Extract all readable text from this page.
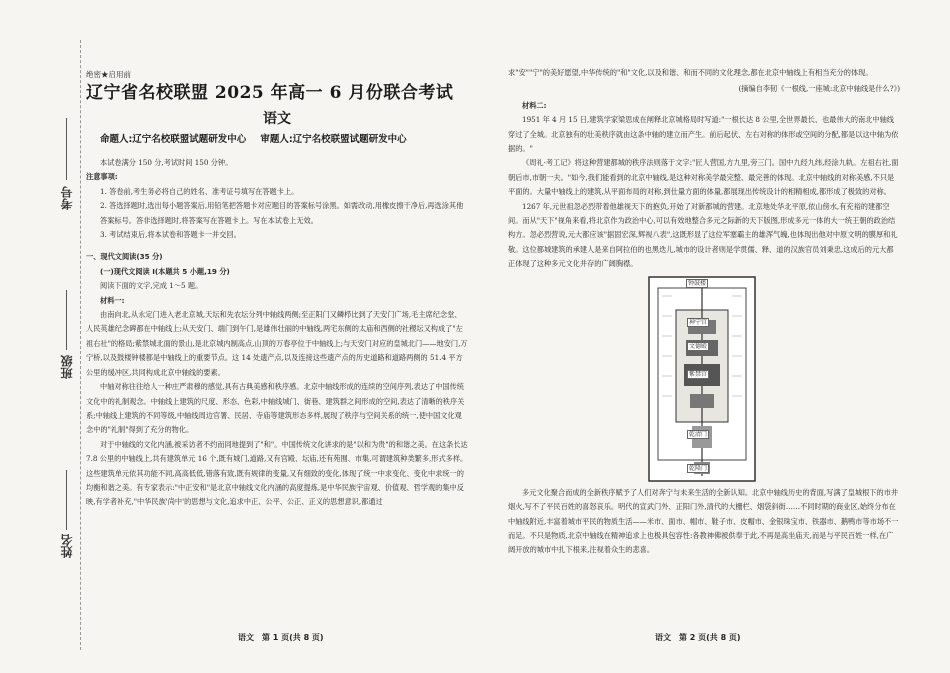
考号
班级
姓名

绝密★启用前

辽宁省名校联盟 2025 年高一 6 月份联合考试

语文

命题人:辽宁名校联盟试题研发中心 审题人:辽宁名校联盟试题研发中心

本试卷满分 150 分,考试时间 150 分钟。

注意事项:

1. 答卷前,考生务必将自己的姓名、准考证号填写在答题卡上。
2. 答选择题时,选出每小题答案后,用铅笔把答题卡对应题目的答案标号涂黑。如需改动,用橡皮擦干净后,再选涂其他答案标号。答非选择题时,将答案写在答题卡上。写在本试卷上无效。
3. 考试结束后,将本试卷和答题卡一并交回。

一、现代文阅读(35 分)

(一)现代文阅读 Ⅰ(本题共 5 小题,19 分)

阅读下面的文字,完成 1～5 题。

材料一:

由南向北,从永定门进入老北京城,天坛和先农坛分列中轴线两侧;至正阳门又鳞栉比到了天安门广场,毛主席纪念堂、人民英雄纪念碑都在中轴线上;从天安门、端门到午门,是雄伟壮丽的中轴线,两宅东侧的太庙和西侧的社稷坛又构成了"左祖右社"的格局;紫禁城北面的景山,是北京城内制高点,山顶的万春亭位于中轴线上;与天安门对应的皇城北门——地安门,万宁桥,以及鼓楼钟楼都是中轴线上的重要节点。这 14 处遗产点,以及连接这些遗产点的历史道路和道路两侧的 51.4 平方公里的缓冲区,共同构成北京中轴线的要素。

中轴对称往往给人一种庄严肃穆的感觉,具有古典美感和秩序感。北京中轴线形成的连续的空间序列,表达了中国传统文化中的礼制观念。中轴线上建筑的尺度、形态、色彩,中轴线城门、街巷、建筑群之间形成的空间,表达了清晰的秩序关系;中轴线上建筑的不同等级,中轴线周边官署、民居、寺庙等建筑形态多样,展现了秩序与空间关系的统一,使中国文化观念中的"礼制"得到了充分的物化。

对于中轴线的文化内涵,被采访者不约而同地提到了"和"。中国传统文化讲求的是"以和为贵"的和谐之美。在这条长达 7.8 公里的中轴线上,共有建筑单元 16 个,既有城门,道路,又有宫殿、坛庙,还有苑囿、市集,可谓建筑种类繁多,形式多样。这些建筑单元依其功能不同,高高低低,错落有致,既有规律的变量,又有细致的变化,体现了统一中求变化、变化中求统一的均衡和谐之美。有专家表示:"中正安和"是北京中轴线文化内涵的高度提炼,是中华民族宇宙观、价值观、哲学观的集中反映,有学者补充,"中华民族'尚中'的思想与文化,追求中正、公平、公正、正义的思想意识,都通过

语文　第 1 页(共 8 页)

求"安""宁"的美好愿望,中华传统的"和"文化,以及和谐、和而不同的文化理念,都在北京中轴线上有相当充分的体现。

(摘编自李韧《一根线,一座城:北京中轴线是什么?》)

材料二:

1951 年 4 月 15 日,建筑学家梁思成在闸释北京城格局时写道:"一根长达 8 公里,全世界最长、也最伟大的南北中轴线穿过了全城。北京独有的壮美秩序就由这条中轴的建立而产生。前后起伏、左右对称的体形或空间的分配,都是以这中轴为依据的。"

《周礼·考工记》将这种营建都城的秩序法则落于文字:"匠人营国,方九里,旁三门。国中九经九纬,经涂九轨。左祖右社,面朝后市,市朝一夫。"如今,我们能看到的北京中轴线,是这种对称美学最完整、最完善的体现。北京中轴线的对称美感,不只是平面的。大量中轴线上的建筑,从平面布局的对称,到仕量方面的体量,都展现出传统设计的相精相成,都形成了极致的对称。

1267 年,元世祖忽必烈带着他雄视天下的抱负,开始了对新都城的营建。北京地处华北平原,依山傍水,有充裕的建都空间。而从"天下"视角来看,将北京作为政治中心,可以有效地整合多元之际新的天下版图,形成多元一体的大一统王朝的政治结构方。忽必烈营说,元大都应该"据固宏深,辉视八表",这既形显了这位军塞霸主的雄浑气魄,也体现出他对中原文明的膜厚和礼敬。这位都城建筑的承建人是来自阿拉伯的也黑迭儿,城市的设计者则是学贯儒、释、道的汉族官员刘秉忠,这成后的元大都正体现了这种多元文化并存的广阔胸襟。

钟鼓楼
神宁宫
文德殿
紫禁宫
乾清门
乾隆门

多元文化聚合而成的全新秩序赋予了人们对奔宁与未来生活的全新认知。北京中轴线历史的背面,写满了皇城根下的市井烟火,写不了平民百姓的喜怒哀乐。明代的宣武门外、正阳门外,清代的大栅栏、烟袋斜街……不同时期的商业区,始终分布在中轴线附近,丰富着城市平民的物质生活——米市、面市、帽市、鞋子市、皮帽市、金银珠宝市、铁器市、鹅鸭市等市场不一而足。不只是物质,北京中轴线在精神追求上也极具包容性:各教神佛被供奉于此,不再是高坐庙天,而是与平民百姓一样,在广阔开放的城市中扎下根来,注视着众生的悲喜。

语文　第 2 页(共 8 页)
